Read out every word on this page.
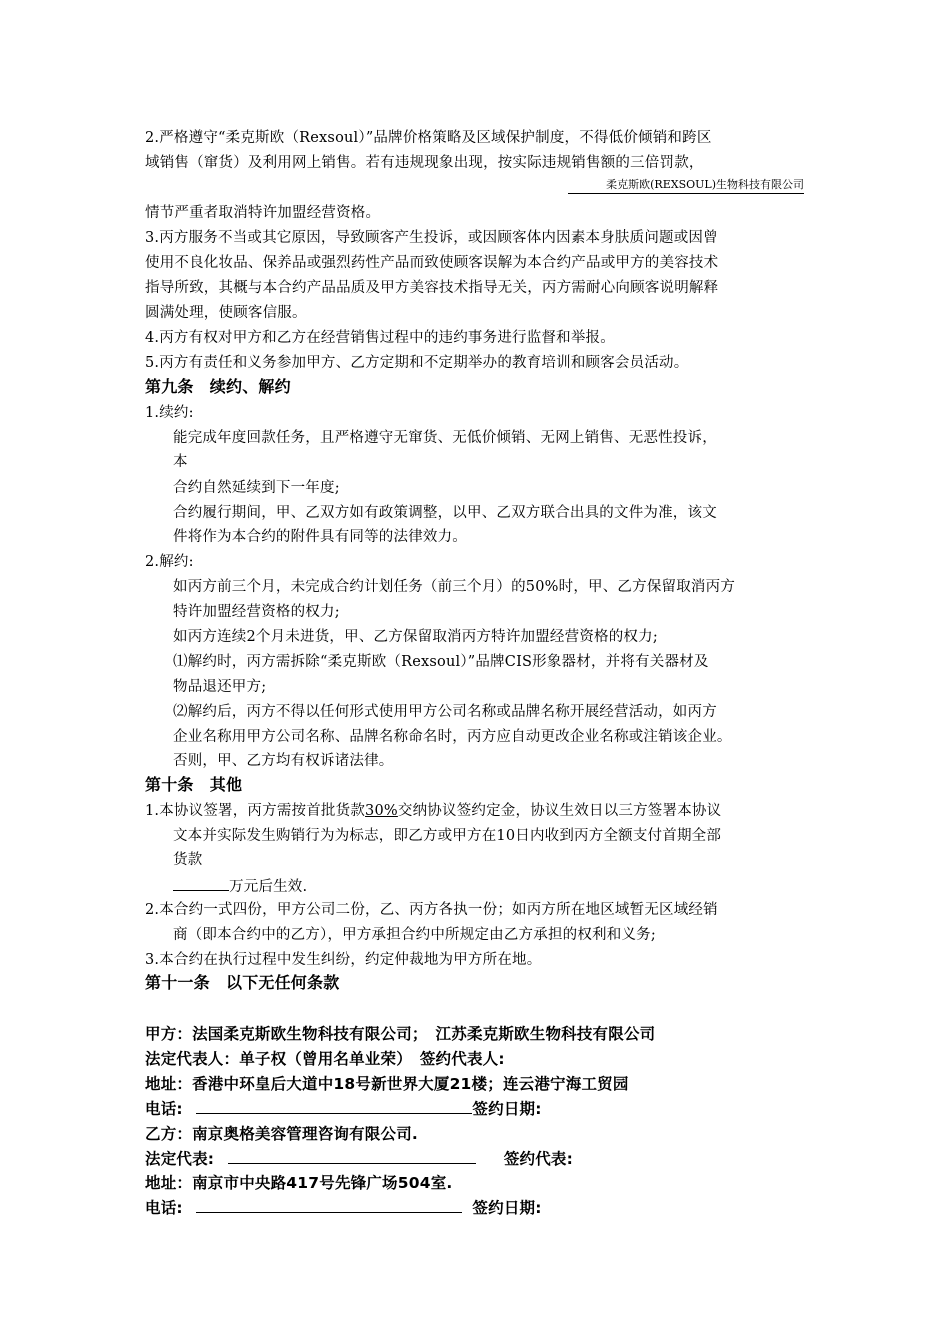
2.严格遵守“柔克斯欧（Rexsoul）”品牌价格策略及区域保护制度，不得低价倾销和跨区
域销售（窜货）及利用网上销售。若有违规现象出现，按实际违规销售额的三倍罚款，
柔克斯欧(REXSOUL)生物科技有限公司
情节严重者取消特许加盟经营资格。
3.丙方服务不当或其它原因，导致顾客产生投诉，或因顾客体内因素本身肤质问题或因曾
使用不良化妆品、保养品或强烈药性产品而致使顾客误解为本合约产品或甲方的美容技术
指导所致，其概与本合约产品品质及甲方美容技术指导无关，丙方需耐心向顾客说明解释
圆满处理，使顾客信服。
4.丙方有权对甲方和乙方在经营销售过程中的违约事务进行监督和举报。
5.丙方有责任和义务参加甲方、乙方定期和不定期举办的教育培训和顾客会员活动。
第九条　续约、解约
1.续约:
能完成年度回款任务，且严格遵守无窜货、无低价倾销、无网上销售、无恶性投诉，
本
合约自然延续到下一年度;
合约履行期间，甲、乙双方如有政策调整，以甲、乙双方联合出具的文件为准，该文
件将作为本合约的附件具有同等的法律效力。
2.解约:
如丙方前三个月，未完成合约计划任务（前三个月）的50%时，甲、乙方保留取消丙方
特许加盟经营资格的权力;
如丙方连续2个月未进货，甲、乙方保留取消丙方特许加盟经营资格的权力;
⑴解约时，丙方需拆除“柔克斯欧（Rexsoul）”品牌CIS形象器材，并将有关器材及
物品退还甲方;
⑵解约后，丙方不得以任何形式使用甲方公司名称或品牌名称开展经营活动，如丙方
企业名称用甲方公司名称、品牌名称命名时，丙方应自动更改企业名称或注销该企业。
否则，甲、乙方均有权诉诸法律。
第十条　其他
1.本协议签署，丙方需按首批货款30%交纳协议签约定金，协议生效日以三方签署本协议
文本并实际发生购销行为为标志，即乙方或甲方在10日内收到丙方全额支付首期全部
货款
万元后生效.
2.本合约一式四份，甲方公司二份，乙、丙方各执一份；如丙方所在地区域暂无区域经销
商（即本合约中的乙方），甲方承担合约中所规定由乙方承担的权利和义务;
3.本合约在执行过程中发生纠纷，约定仲裁地为甲方所在地。
第十一条　以下无任何条款
甲方：法国柔克斯欧生物科技有限公司；　江苏柔克斯欧生物科技有限公司
法定代表人：单子权（曾用名单业荣）　签约代表人:
地址：香港中环皇后大道中18号新世界大厦21楼；连云港宁海工贸园
电话:	签约日期:
乙方：南京奥格美容管理咨询有限公司.
法定代表:	签约代表:
地址：南京市中央路417号先锋广场504室.
电话:	签约日期:
